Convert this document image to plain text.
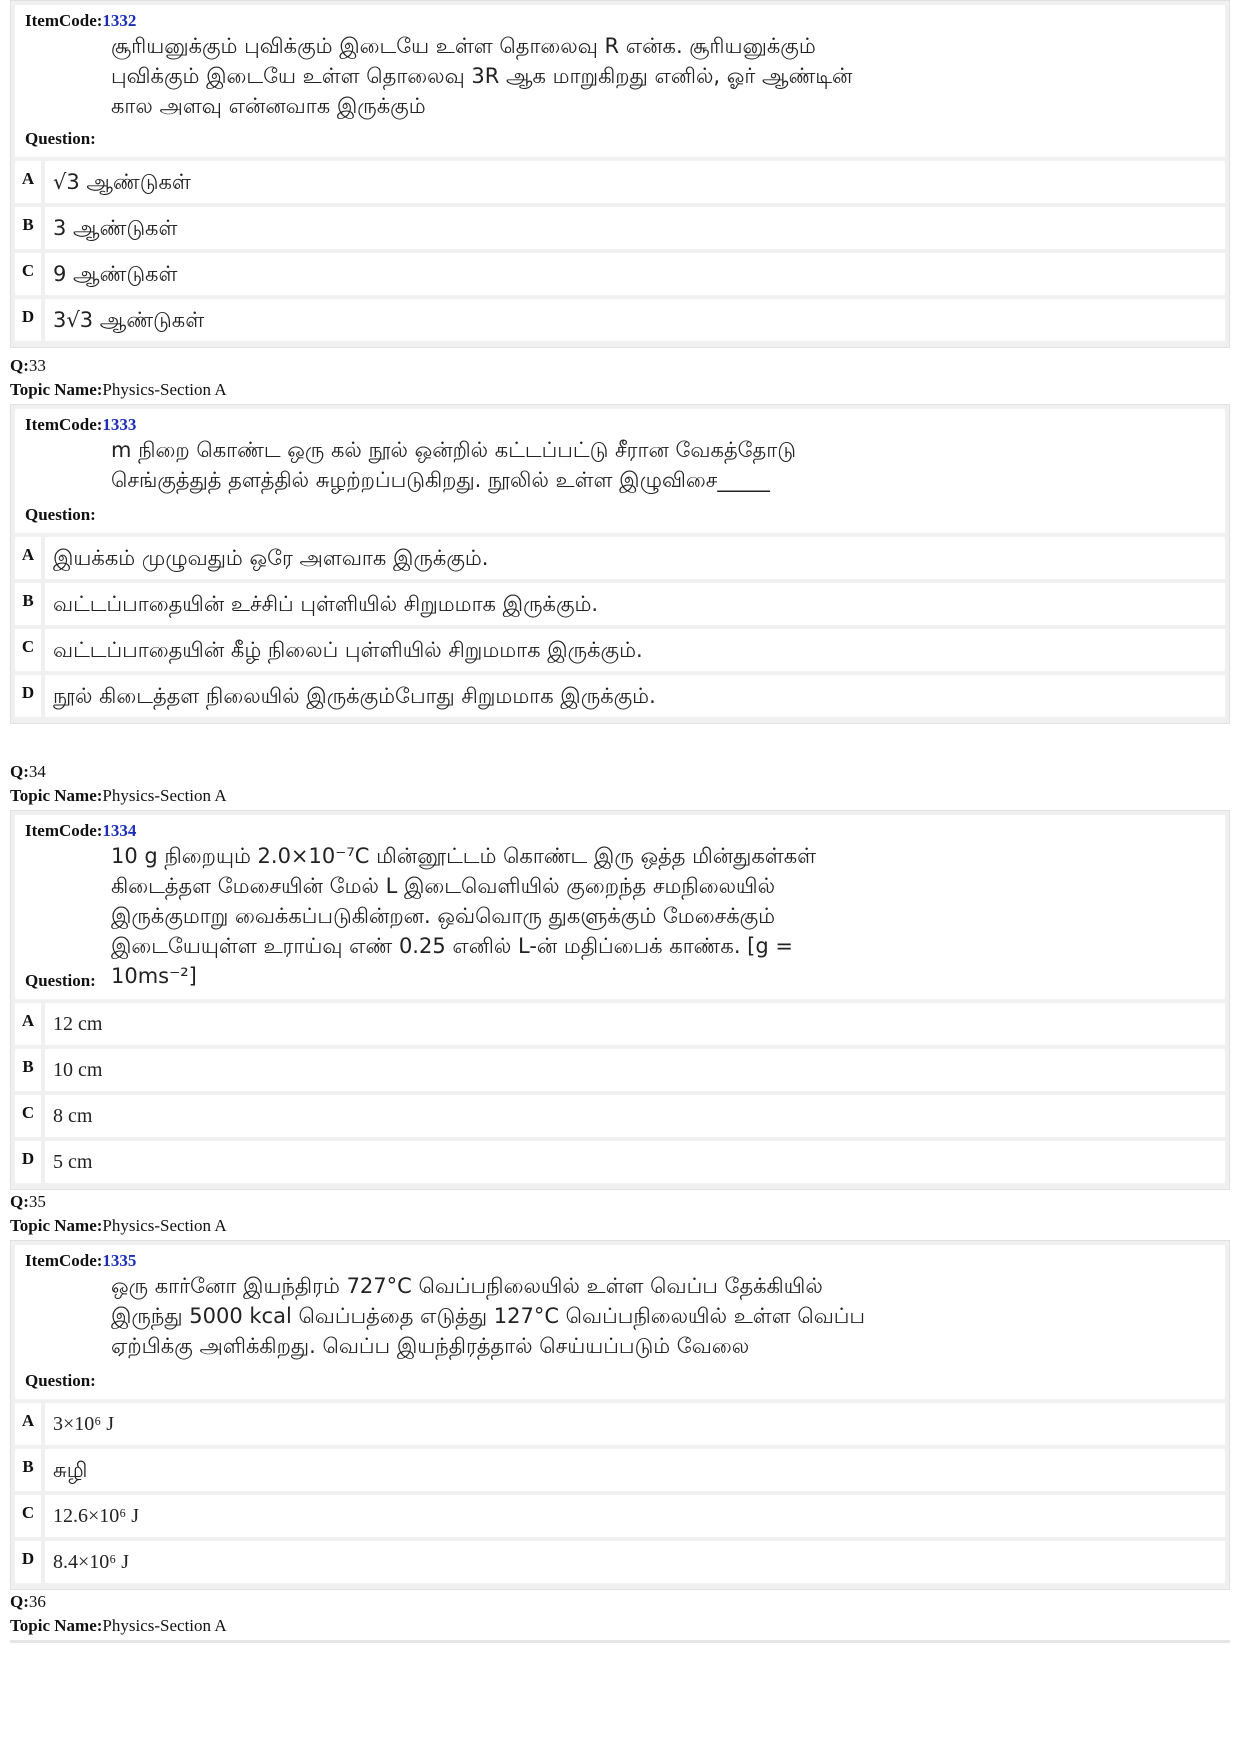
ItemCode:1332
சூரியனுக்கும் புவிக்கும் இடையே உள்ள தொலைவு R என்க. சூரியனுக்கும் புவிக்கும் இடையே உள்ள தொலைவு 3R ஆக மாறுகிறது எனில், ஓர் ஆண்டின் கால அளவு என்னவாக இருக்கும்
Question:
A √3 ஆண்டுகள்
B 3 ஆண்டுகள்
C 9 ஆண்டுகள்
D 3√3 ஆண்டுகள்
Q:33
Topic Name:Physics-Section A
ItemCode:1333
m நிறை கொண்ட ஒரு கல் நூல் ஒன்றில் கட்டப்பட்டு சீரான வேகத்தோடு செங்குத்துத் தளத்தில் சுழற்றப்படுகிறது. நூலில் உள்ள இழுவிசை_____
Question:
A இயக்கம் முழுவதும் ஒரே அளவாக இருக்கும்.
B வட்டப்பாதையின் உச்சிப் புள்ளியில் சிறுமமாக இருக்கும்.
C வட்டப்பாதையின் கீழ் நிலைப் புள்ளியில் சிறுமமாக இருக்கும்.
D நூல் கிடைத்தள நிலையில் இருக்கும்போது சிறுமமாக இருக்கும்.
Q:34
Topic Name:Physics-Section A
ItemCode:1334
10 g நிறையும் 2.0×10⁻⁷C மின்னூட்டம் கொண்ட இரு ஒத்த மின்துகள்கள் கிடைத்தள மேசையின் மேல் L இடைவெளியில் குறைந்த சமநிலையில் இருக்குமாறு வைக்கப்படுகின்றன. ஒவ்வொரு துகளுக்கும் மேசைக்கும் இடையேயுள்ள உராய்வு எண் 0.25 எனில் L-ன் மதிப்பைக் காண்க. [g = 10ms⁻²]
Question:
A 12 cm
B 10 cm
C 8 cm
D 5 cm
Q:35
Topic Name:Physics-Section A
ItemCode:1335
ஒரு கார்னோ இயந்திரம் 727°C வெப்பநிலையில் உள்ள வெப்ப தேக்கியில் இருந்து 5000 kcal வெப்பத்தை எடுத்து 127°C வெப்பநிலையில் உள்ள வெப்ப ஏற்பிக்கு அளிக்கிறது. வெப்ப இயந்திரத்தால் செய்யப்படும் வேலை
Question:
A 3×10⁶ J
B சுழி
C 12.6×10⁶ J
D 8.4×10⁶ J
Q:36
Topic Name:Physics-Section A
